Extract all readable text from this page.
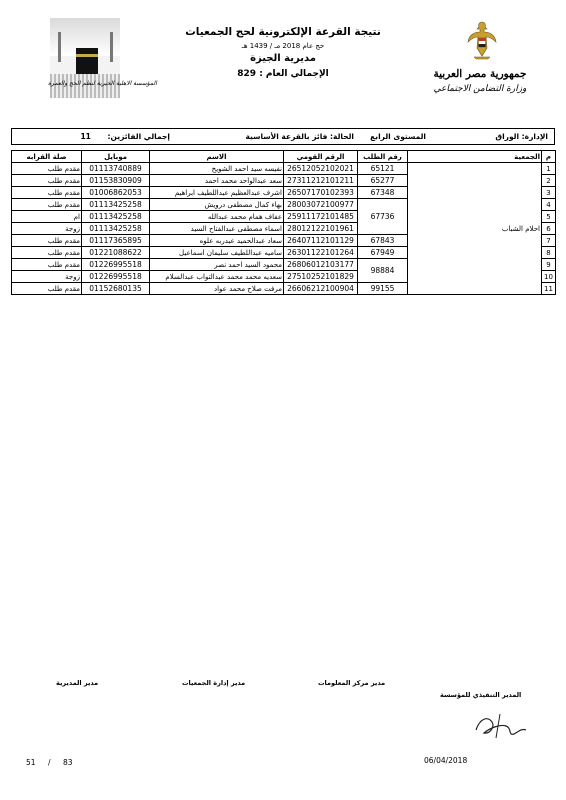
المؤسسة الاهلية الخيرية لنظم الحج والعمرة
نتيجة القرعة الإلكترونية لحج الجمعيات
حج عام 2018 مـ / 1439 هـ
مديرية الجيزة
الإجمالي العام : 829	جمهورية مصر العربية
وزارة التضامن الاجتماعي
الإدارة: الوراق
المستوى الرابع
الحالة: فائز بالقرعة الأساسية
إجمالي الفائزين: 11
م	الجمعية	رقم الطلب	الرقم القومي	الاسم	موبايل	صلة القرابه
1	احلام الشباب	65121	26512052102021	نفيسه سيد احمد الشويخ	01113740889	مقدم طلب
2		65277	27311212101211	سعد عبدالواحد محمد احمد	01153830909	مقدم طلب
3		67348	26507170102393	اشرف عبدالعظيم عبداللطيف ابراهيم	01006862053	مقدم طلب
4		67736	28003072100977	بهاء كمال مصطفى درويش	01113425258	مقدم طلب
5			25911172101485	عفاف همام محمد عبدالله	01113425258	ام
6			28012122101961	اسماء مصطفى عبدالفتاح السيد	01113425258	زوجة
7		67843	26407112101129	سعاد عبدالحميد عبدربه علوه	01117365895	مقدم طلب
8		67949	26301122101264	ساميه عبداللطيف سليمان اسماعيل	01221088622	مقدم طلب
9		98884	26806012103177	محمود السيد احمد نصر	01226995518	مقدم طلب
10			27510252101829	سعديه محمد محمد عبدالتواب عبدالسلام	01226995518	زوجة
11		99155	26606212100904	مرفت صلاح محمد عواد	01152680135	مقدم طلب
مدير المديرية	مدير إدارة الجمعيات	مدير مركز المعلومات
المدير التنفيذي للمؤسسة
51 / 83	06/04/2018
